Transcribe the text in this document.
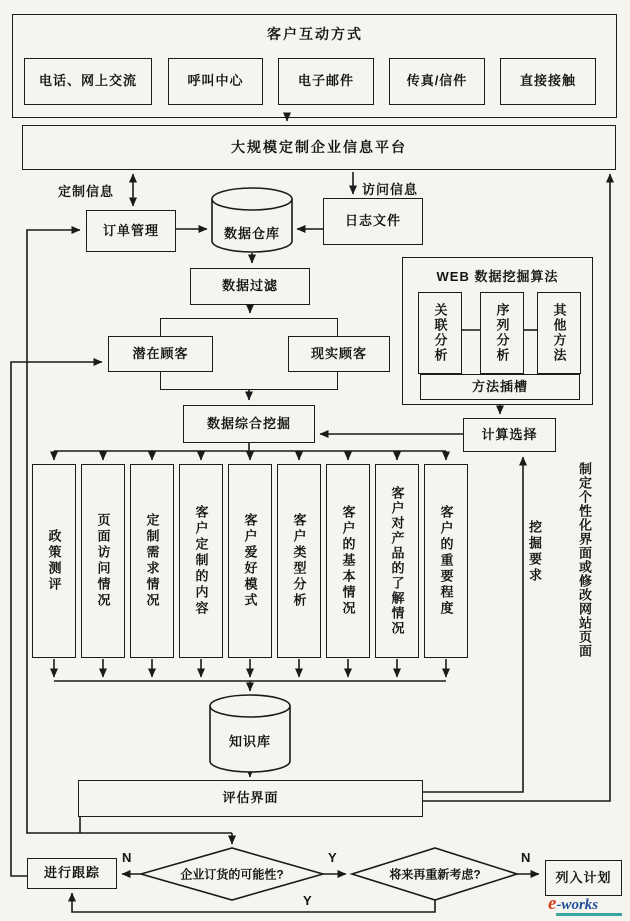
客户互动方式
电话、网上交流	呼叫中心	电子邮件	传真/信件	直接接触
大规模定制企业信息平台
定制信息	访问信息
订单管理	数据仓库
日志文件
数据过滤
潜在顾客	现实顾客
WEB 数据挖掘算法
方法插槽
关联分析	序列分析	其他方法
数据综合挖掘
计算选择
政策测评	页面访问情况	定制需求情况	客户定制的内容	客户爱好模式	客户类型分析	客户的基本情况	客户对产品的了解情况	客户的重要程度	挖掘要求	制定个性化界面或修改网站页面
知识库
评估界面
进行跟踪	企业订货的可能性?	将来再重新考虑?	列入计划
N	Y	N
Y	e-works
